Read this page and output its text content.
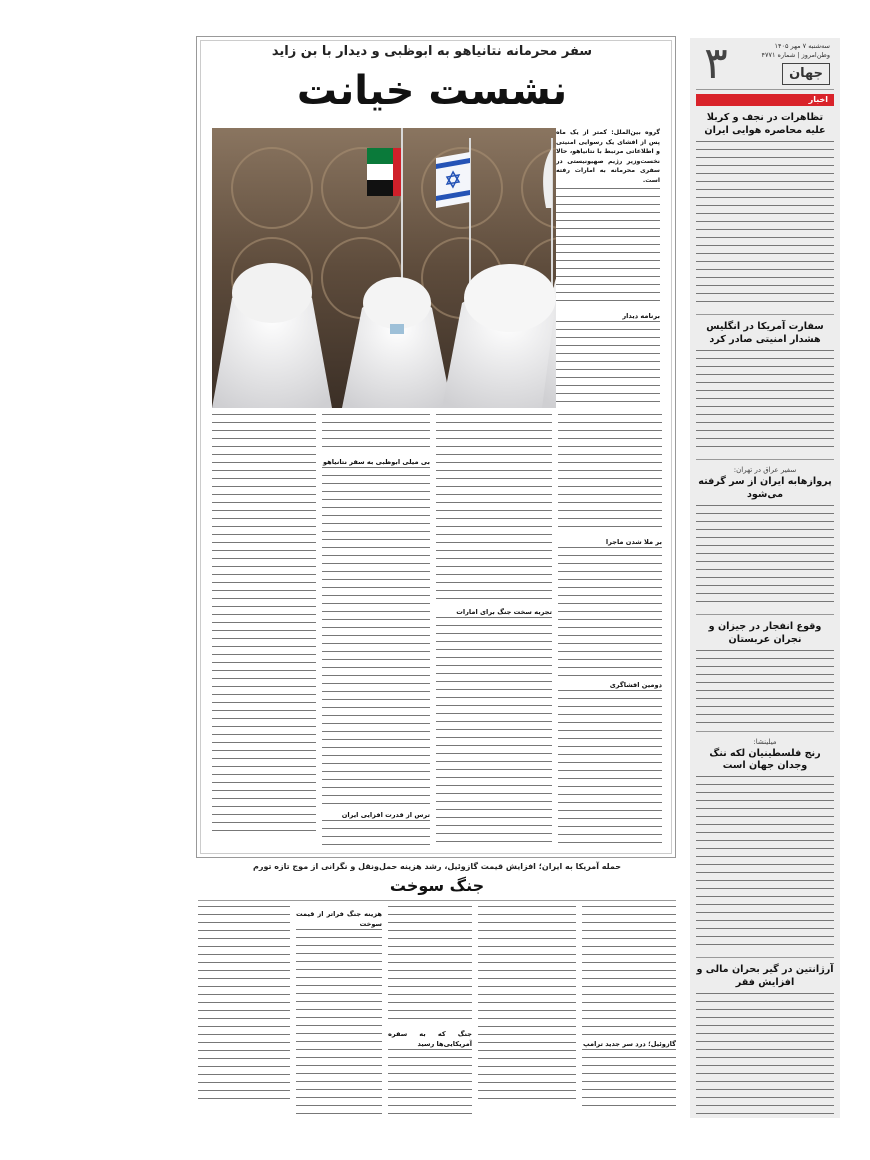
سه‌شنبه ۷ مهر ۱۴۰۵
وطن‌امروز | شماره ۴۷۷۱
جهان
۳
اخبار
تظاهرات در نجف و کربلا علیه محاصره هوایی ایران
سفارت آمریکا در انگلیس هشدار امنیتی صادر کرد
سفیر عراق در تهران:
پرواز‌هابه ایران از سر گرفته می‌شود
وقوع انفجار در جیزان و نجران عربستان
میلینشا:
رنج فلسطینیان لکه ننگ وجدان جهان است
آرژانتین در گیر بحران مالی و افزایش فقر
سفر محرمانه نتانیاهو به ابوظبی و دیدار با بن زاید
نشست خیانت
بر ملا شدن ماجرا
دومین افشاگری
تجربه سخت جنگ برای امارات
بی میلی ابوظبی به سفر نتانیاهو
ترس از قدرت افزایی ایران
حمله آمریکا به ایران؛ افزایش قیمت گازوئیل، رشد هزینه حمل‌و‌نقل و نگرانی از موج تازه تورم
جنگ سوخت
گازوئیل؛ درد سر جدید ترامپ
جنگ که به سفره آمریکایی‌ها رسید
هزینه جنگ فراتر از قیمت سوخت
گروه بین‌الملل: کمتر از یک ماه پس از افشای یک رسوایی امنیتی و اطلاعاتی مرتبط با نتانیاهو، حالا نخست‌وزیر رژیم صهیونیستی در سفری محرمانه به امارات رفته است.
برنامه دیدار
